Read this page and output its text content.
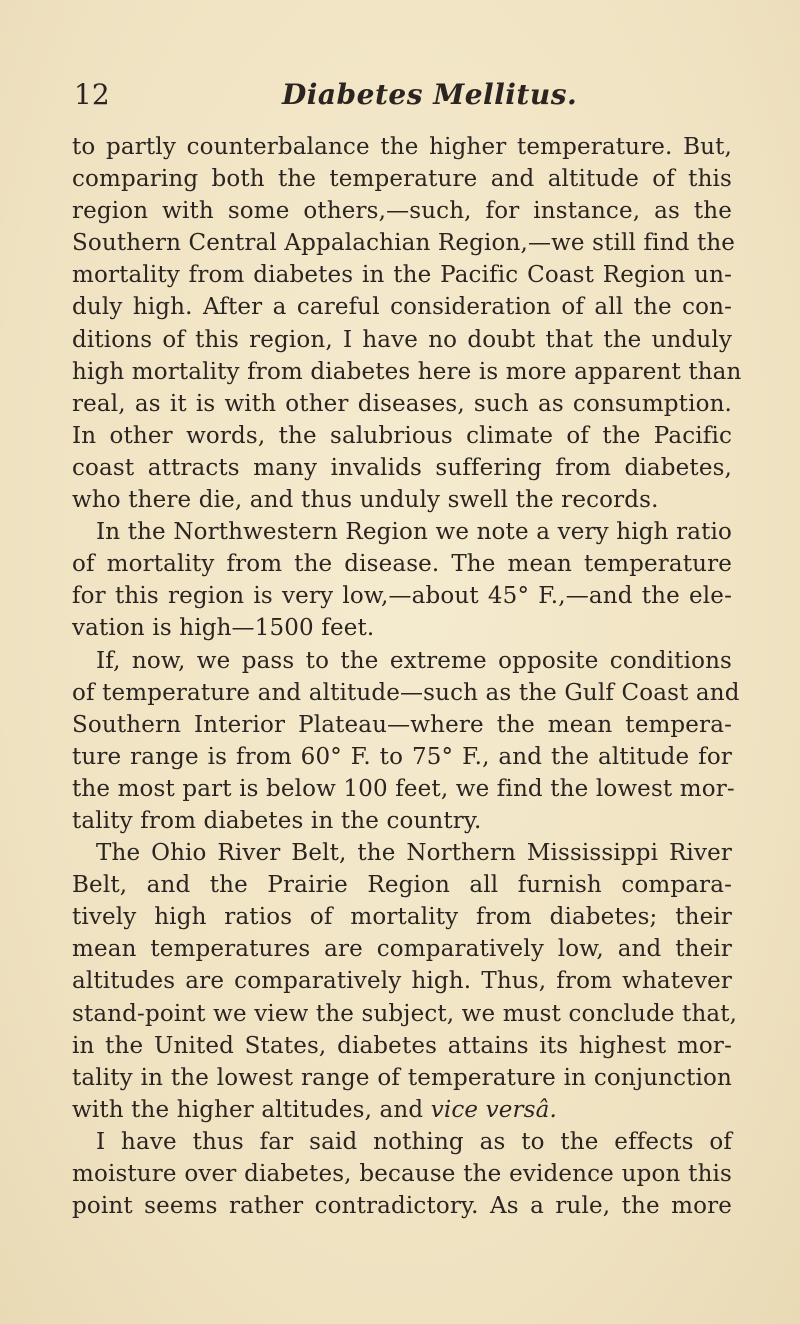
12	Diabetes Mellitus.
to partly counterbalance the higher temperature. But,
comparing both the temperature and altitude of this
region with some others,—such, for instance, as the
Southern Central Appalachian Region,—we still find the
mortality from diabetes in the Pacific Coast Region un-
duly high. After a careful consideration of all the con-
ditions of this region, I have no doubt that the unduly
high mortality from diabetes here is more apparent than
real, as it is with other diseases, such as consumption.
In other words, the salubrious climate of the Pacific
coast attracts many invalids suffering from diabetes,
who there die, and thus unduly swell the records.
In the Northwestern Region we note a very high ratio
of mortality from the disease. The mean temperature
for this region is very low,—about 45° F.,—and the ele-
vation is high—1500 feet.
If, now, we pass to the extreme opposite conditions
of temperature and altitude—such as the Gulf Coast and
Southern Interior Plateau—where the mean tempera-
ture range is from 60° F. to 75° F., and the altitude for
the most part is below 100 feet, we find the lowest mor-
tality from diabetes in the country.
The Ohio River Belt, the Northern Mississippi River
Belt, and the Prairie Region all furnish compara-
tively high ratios of mortality from diabetes; their
mean temperatures are comparatively low, and their
altitudes are comparatively high. Thus, from whatever
stand-point we view the subject, we must conclude that,
in the United States, diabetes attains its highest mor-
tality in the lowest range of temperature in conjunction
with the higher altitudes, and vice versâ.
I have thus far said nothing as to the effects of
moisture over diabetes, because the evidence upon this
point seems rather contradictory. As a rule, the more
